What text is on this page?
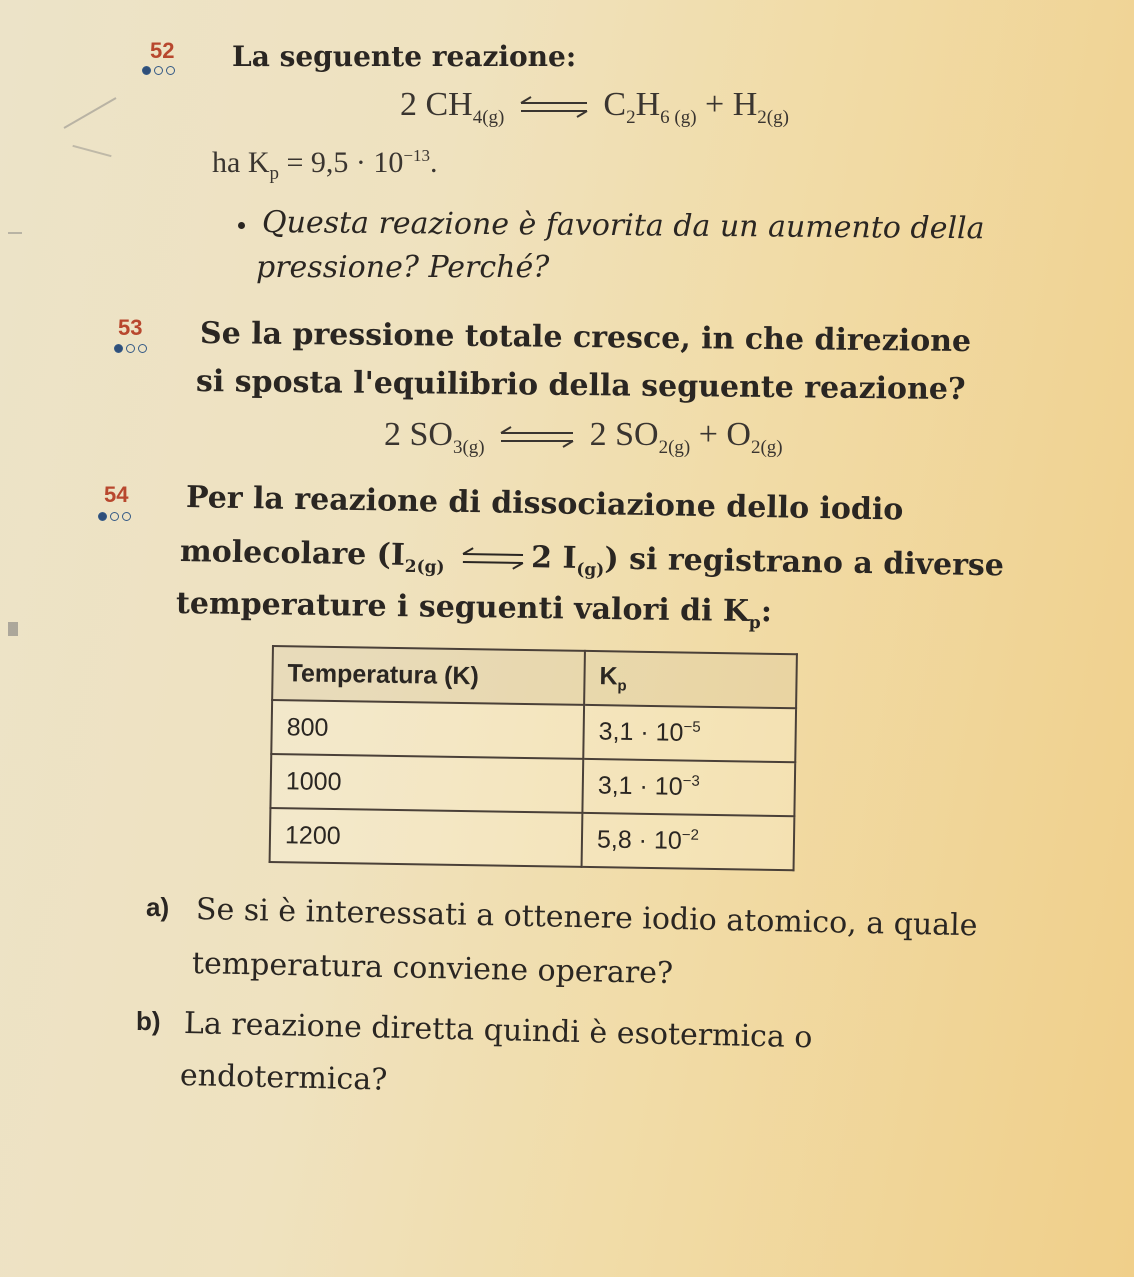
52 La seguente reazione:
2 $CH_{4(g)}$ ⇌ $C_2H_{6 (g)} + H_{2(g)}$
ha $K_p = 9,5 \cdot 10^{-13}$.
Questa reazione è favorita da un aumento della
pressione? Perché?
53 Se la pressione totale cresce, in che direzione
si sposta l'equilibrio della seguente reazione?
2 $SO_{3(g)}$ ⇌ 2 $SO_{2(g)} + O_{2(g)}$
54 Per la reazione di dissociazione dello iodio
molecolare ($I_{2(g)}$ ⇌ 2 $I_{(g)}$) si registrano a diverse
temperature i seguenti valori di $K_p$:
Temperatura (K)	$K_p$
800	$3,1 \cdot 10^{-5}$
1000	$3,1 \cdot 10^{-3}$
1200	$5,8 \cdot 10^{-2}$
a) Se si è interessati a ottenere iodio atomico, a quale
temperatura conviene operare?
b) La reazione diretta quindi è esotermica o
endotermica?
